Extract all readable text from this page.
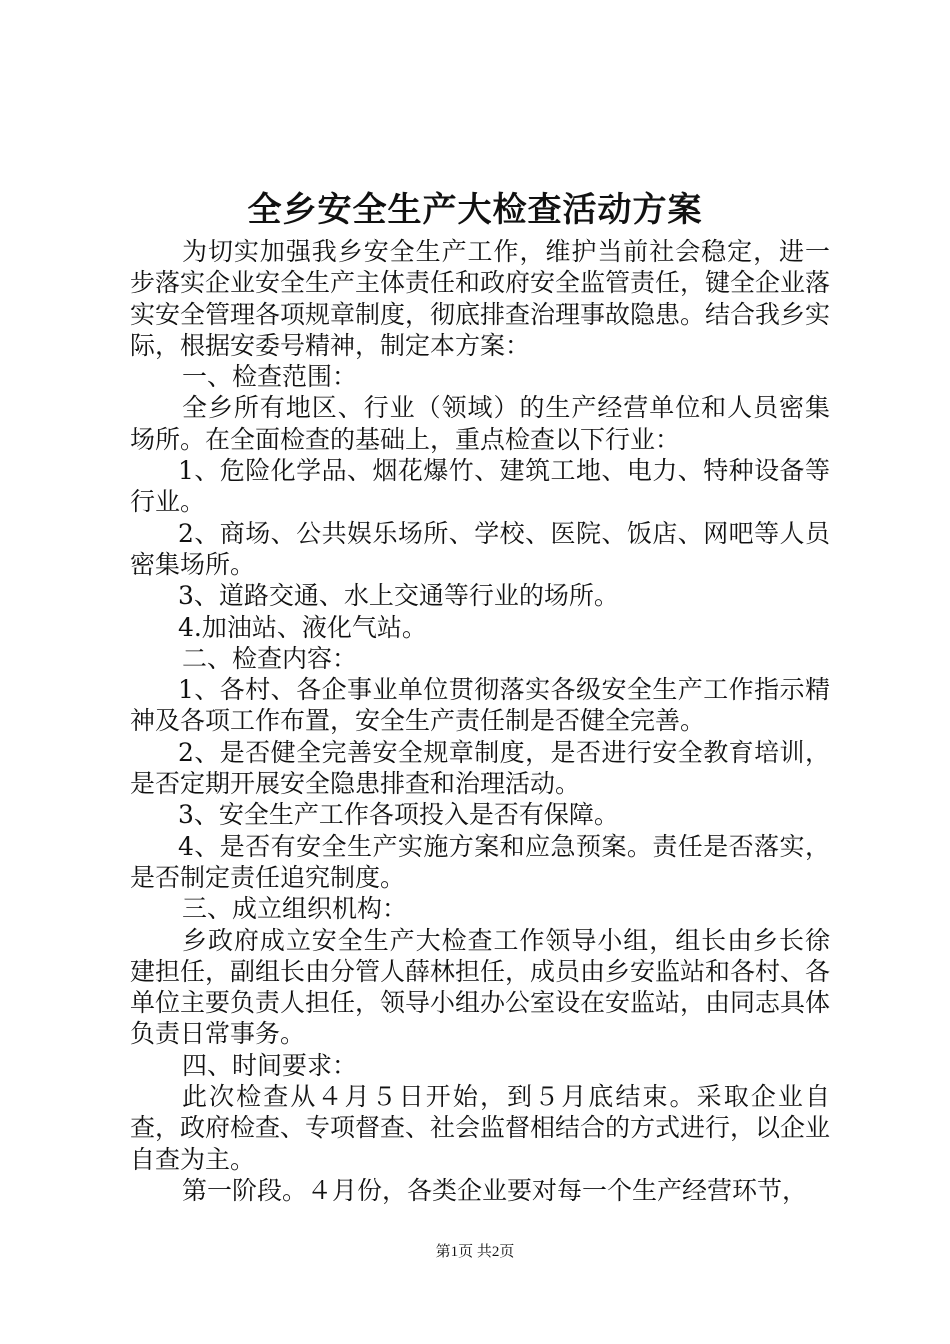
全乡安全生产大检查活动方案

为切实加强我乡安全生产工作，维护当前社会稳定，进一步落实企业安全生产主体责任和政府安全监管责任，键全企业落实安全管理各项规章制度，彻底排查治理事故隐患。结合我乡实际，根据安委号精神，制定本方案：

一、检查范围：

全乡所有地区、行业（领域）的生产经营单位和人员密集场所。在全面检查的基础上，重点检查以下行业：

1、危险化学品、烟花爆竹、建筑工地、电力、特种设备等行业。

2、商场、公共娱乐场所、学校、医院、饭店、网吧等人员密集场所。

3、道路交通、水上交通等行业的场所。

4.加油站、液化气站。

二、检查内容：

1、各村、各企事业单位贯彻落实各级安全生产工作指示精神及各项工作布置，安全生产责任制是否健全完善。

2、是否健全完善安全规章制度，是否进行安全教育培训，是否定期开展安全隐患排查和治理活动。

3、安全生产工作各项投入是否有保障。

4、是否有安全生产实施方案和应急预案。责任是否落实，是否制定责任追究制度。

三、成立组织机构：

乡政府成立安全生产大检查工作领导小组，组长由乡长徐建担任，副组长由分管人薛林担任，成员由乡安监站和各村、各单位主要负责人担任，领导小组办公室设在安监站，由同志具体负责日常事务。

四、时间要求：

此次检查从４月５日开始，到５月底结束。采取企业自查，政府检查、专项督查、社会监督相结合的方式进行，以企业自查为主。

第一阶段。４月份，各类企业要对每一个生产经营环节，

第1页 共2页
